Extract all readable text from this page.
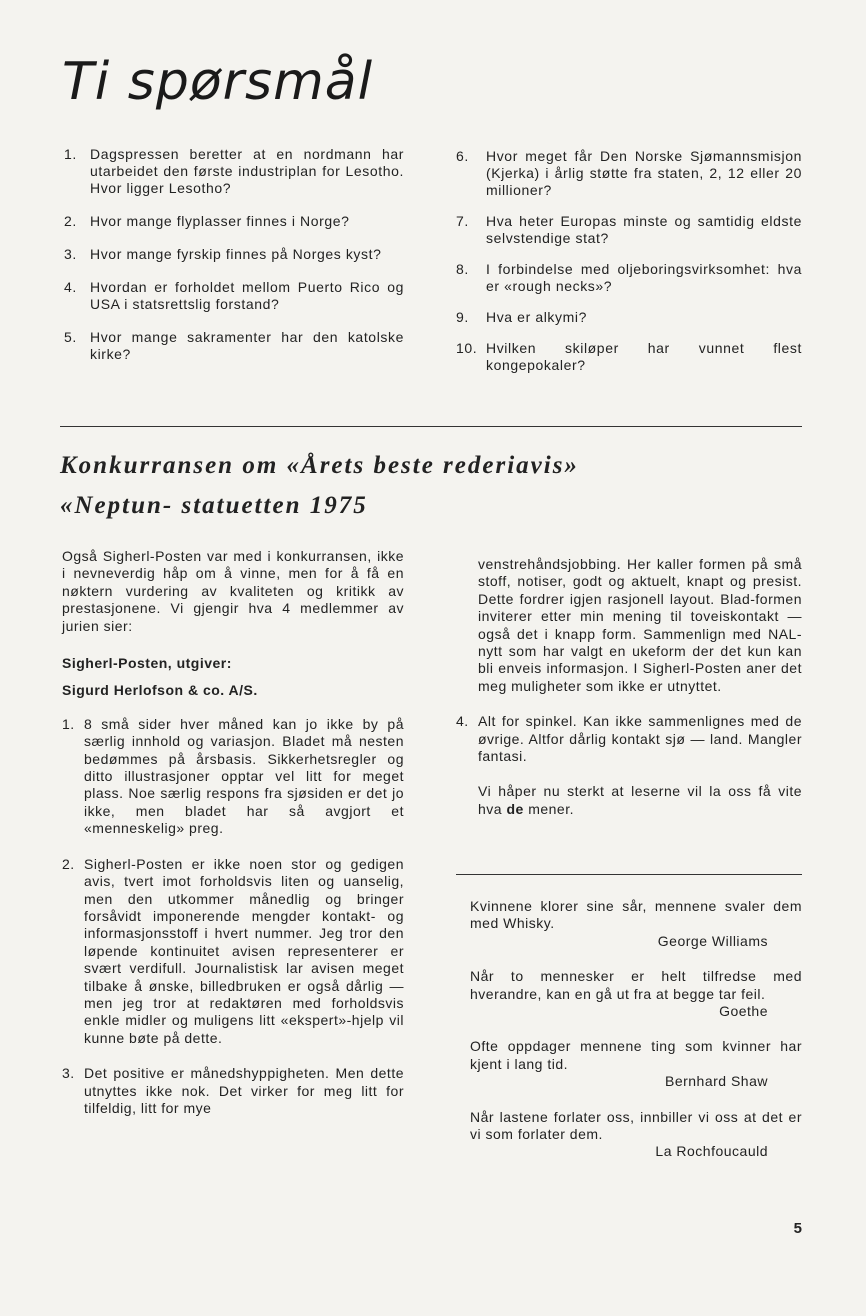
Ti spørsmål
1. Dagspressen beretter at en nordmann har utarbeidet den første industriplan for Lesotho. Hvor ligger Lesotho?
2. Hvor mange flyplasser finnes i Norge?
3. Hvor mange fyrskip finnes på Norges kyst?
4. Hvordan er forholdet mellom Puerto Rico og USA i statsrettslig forstand?
5. Hvor mange sakramenter har den katolske kirke?
6. Hvor meget får Den Norske Sjømannsmisjon (Kjerka) i årlig støtte fra staten, 2, 12 eller 20 millioner?
7. Hva heter Europas minste og samtidig eldste selvstendige stat?
8. I forbindelse med oljeboringsvirksomhet: hva er «rough necks»?
9. Hva er alkymi?
10. Hvilken skiløper har vunnet flest kongepokaler?
Konkurransen om «Årets beste rederiavis»
«Neptun- statuetten 1975

Også Sigherl-Posten var med i konkurransen, ikke i nevneverdig håp om å vinne, men for å få en nøktern vurdering av kvaliteten og kritikk av prestasjonene. Vi gjengir hva 4 medlemmer av jurien sier:

Sigherl-Posten, utgiver:

Sigurd Herlofson & co. A/S.

1. 8 små sider hver måned kan jo ikke by på særlig innhold og variasjon. Bladet må nesten bedømmes på årsbasis. Sikkerhetsregler og ditto illustrasjoner opptar vel litt for meget plass. Noe særlig respons fra sjøsiden er det jo ikke, men bladet har så avgjort et «menneskelig» preg.
2. Sigherl-Posten er ikke noen stor og gedigen avis, tvert imot forholdsvis liten og uanselig, men den utkommer månedlig og bringer forsåvidt imponerende mengder kontakt- og informasjonsstoff i hvert nummer. Jeg tror den løpende kontinuitet avisen representerer er svært verdifull. Journalistisk lar avisen meget tilbake å ønske, billedbruken er også dårlig — men jeg tror at redaktøren med forholdsvis enkle midler og muligens litt «ekspert»-hjelp vil kunne bøte på dette.
3. Det positive er månedshyppigheten. Men dette utnyttes ikke nok. Det virker for meg litt for tilfeldig, litt for mye

venstrehåndsjobbing. Her kaller formen på små stoff, notiser, godt og aktuelt, knapt og presist. Dette fordrer igjen rasjonell layout. Blad-formen inviterer etter min mening til toveiskontakt — også det i knapp form. Sammenlign med NAL-nytt som har valgt en ukeform der det kun kan bli enveis informasjon. I Sigherl-Posten aner det meg muligheter som ikke er utnyttet.

4. Alt for spinkel. Kan ikke sammenlignes med de øvrige. Altfor dårlig kontakt sjø — land. Mangler fantasi.

Vi håper nu sterkt at leserne vil la oss få vite hva de mener.

Kvinnene klorer sine sår, mennene svaler dem med Whisky.
George Williams
Når to mennesker er helt tilfredse med hverandre, kan en gå ut fra at begge tar feil.
Goethe
Ofte oppdager mennene ting som kvinner har kjent i lang tid.
Bernhard Shaw
Når lastene forlater oss, innbiller vi oss at det er vi som forlater dem.
La Rochfoucauld
5
